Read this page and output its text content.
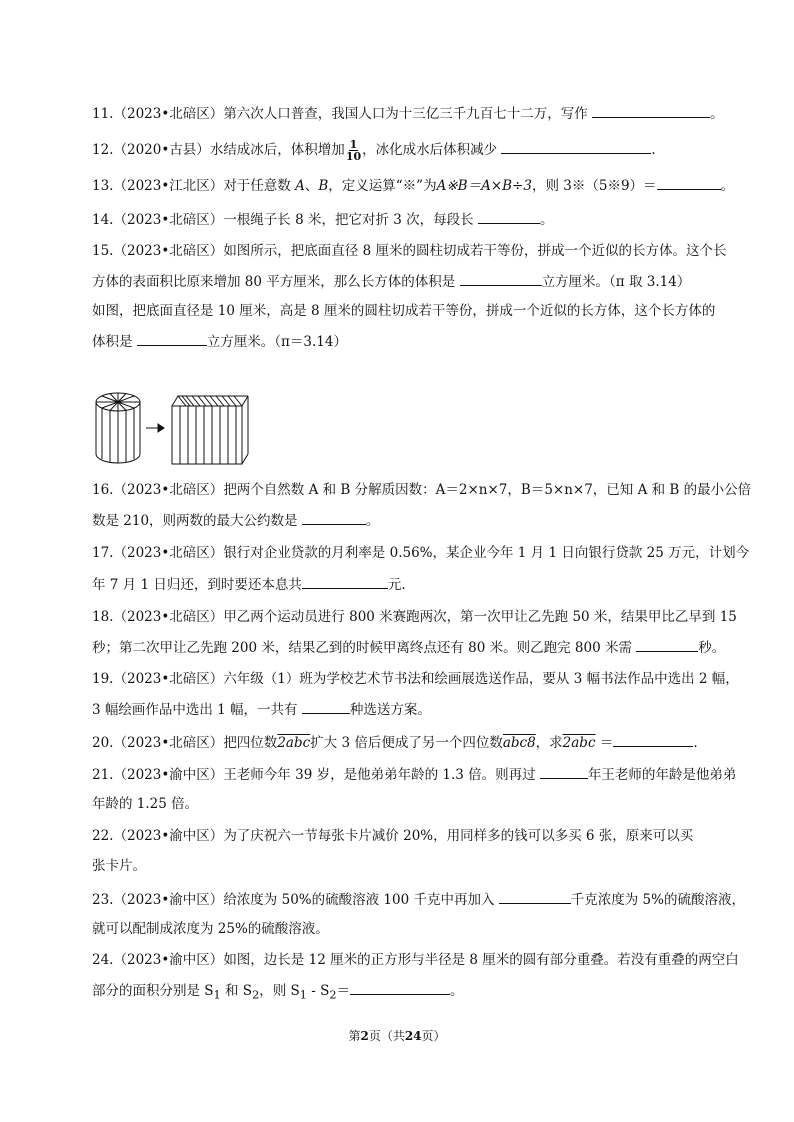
11.（2023•北碚区）第六次人口普查，我国人口为十三亿三千九百七十二万，写作	。
12.（2020•古县）水结成冰后，体积增加 $\frac{1}{10}$ ，冰化成水后体积减少	.
13.（2023•江北区）对于任意数 A、B，定义运算“※”为A※B＝A×B÷3，则 3※（5※9）＝	。
14.（2023•北碚区）一根绳子长 8 米，把它对折 3 次，每段长	。
15.（2023•北碚区）如图所示，把底面直径 8 厘米的圆柱切成若干等份，拼成一个近似的长方体。这个长
方体的表面积比原来增加 80 平方厘米，那么长方体的体积是	立方厘米。（π 取 3.14）
如图，把底面直径是 10 厘米，高是 8 厘米的圆柱切成若干等份，拼成一个近似的长方体，这个长方体的
体积是	立方厘米。（π＝3.14）
16.（2023•北碚区）把两个自然数 A 和 B 分解质因数：A＝2×n×7，B＝5×n×7，已知 A 和 B 的最小公倍
数是 210，则两数的最大公约数是	。
17.（2023•北碚区）银行对企业贷款的月利率是 0.56%，某企业今年 1 月 1 日向银行贷款 25 万元，计划今
年 7 月 1 日归还，到时要还本息共	元.
18.（2023•北碚区）甲乙两个运动员进行 800 米赛跑两次，第一次甲让乙先跑 50 米，结果甲比乙早到 15
秒；第二次甲让乙先跑 200 米，结果乙到的时候甲离终点还有 80 米。则乙跑完 800 米需	秒。
19.（2023•北碚区）六年级（1）班为学校艺术节书法和绘画展选送作品，要从 3 幅书法作品中选出 2 幅，
3 幅绘画作品中选出 1 幅，一共有	种选送方案。
20.（2023•北碚区）把四位数2abc扩大 3 倍后便成了另一个四位数abc8，求2abc ＝	.
21.（2023•渝中区）王老师今年 39 岁，是他弟弟年龄的 1.3 倍。则再过	年王老师的年龄是他弟弟
年龄的 1.25 倍。
22.（2023•渝中区）为了庆祝六一节每张卡片减价 20%，用同样多的钱可以多买 6 张，原来可以买
张卡片。
23.（2023•渝中区）给浓度为 50%的硫酸溶液 100 千克中再加入	千克浓度为 5%的硫酸溶液，
就可以配制成浓度为 25%的硫酸溶液。
24.（2023•渝中区）如图，边长是 12 厘米的正方形与半径是 8 厘米的圆有部分重叠。若没有重叠的两空白
部分的面积分别是 $S_1$ 和 $S_2$，则 $S_1 - S_2=$	。
第2页（共24页）
